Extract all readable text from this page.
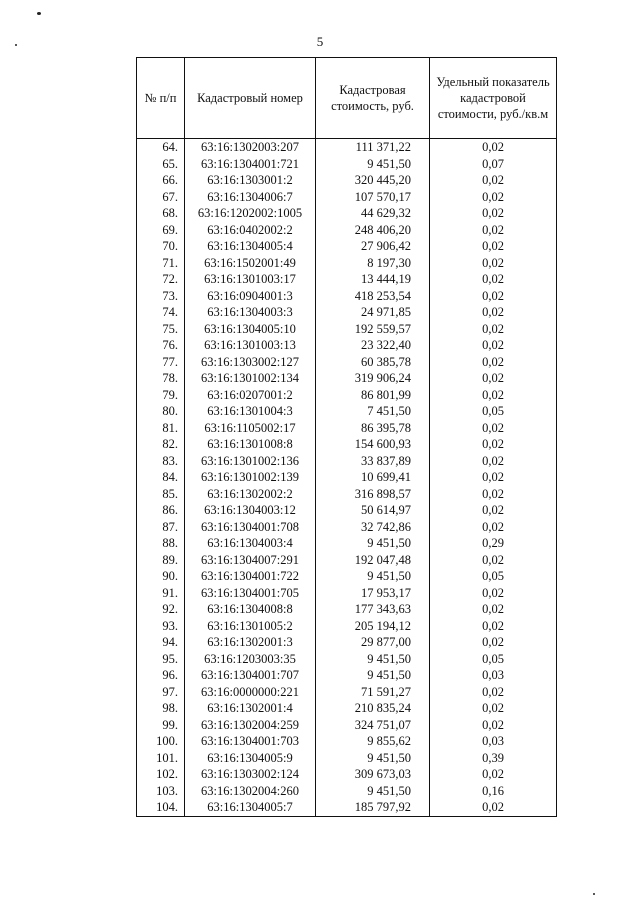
5
№ п/п	Кадастровый номер	Кадастровая стоимость, руб.	Удельный показатель кадастровой стоимости, руб./кв.м
64.	63:16:1302003:207	111 371,22	0,02
65.	63:16:1304001:721	9 451,50	0,07
66.	63:16:1303001:2	320 445,20	0,02
67.	63:16:1304006:7	107 570,17	0,02
68.	63:16:1202002:1005	44 629,32	0,02
69.	63:16:0402002:2	248 406,20	0,02
70.	63:16:1304005:4	27 906,42	0,02
71.	63:16:1502001:49	8 197,30	0,02
72.	63:16:1301003:17	13 444,19	0,02
73.	63:16:0904001:3	418 253,54	0,02
74.	63:16:1304003:3	24 971,85	0,02
75.	63:16:1304005:10	192 559,57	0,02
76.	63:16:1301003:13	23 322,40	0,02
77.	63:16:1303002:127	60 385,78	0,02
78.	63:16:1301002:134	319 906,24	0,02
79.	63:16:0207001:2	86 801,99	0,02
80.	63:16:1301004:3	7 451,50	0,05
81.	63:16:1105002:17	86 395,78	0,02
82.	63:16:1301008:8	154 600,93	0,02
83.	63:16:1301002:136	33 837,89	0,02
84.	63:16:1301002:139	10 699,41	0,02
85.	63:16:1302002:2	316 898,57	0,02
86.	63:16:1304003:12	50 614,97	0,02
87.	63:16:1304001:708	32 742,86	0,02
88.	63:16:1304003:4	9 451,50	0,29
89.	63:16:1304007:291	192 047,48	0,02
90.	63:16:1304001:722	9 451,50	0,05
91.	63:16:1304001:705	17 953,17	0,02
92.	63:16:1304008:8	177 343,63	0,02
93.	63:16:1301005:2	205 194,12	0,02
94.	63:16:1302001:3	29 877,00	0,02
95.	63:16:1203003:35	9 451,50	0,05
96.	63:16:1304001:707	9 451,50	0,03
97.	63:16:0000000:221	71 591,27	0,02
98.	63:16:1302001:4	210 835,24	0,02
99.	63:16:1302004:259	324 751,07	0,02
100.	63:16:1304001:703	9 855,62	0,03
101.	63:16:1304005:9	9 451,50	0,39
102.	63:16:1303002:124	309 673,03	0,02
103.	63:16:1302004:260	9 451,50	0,16
104.	63:16:1304005:7	185 797,92	0,02
